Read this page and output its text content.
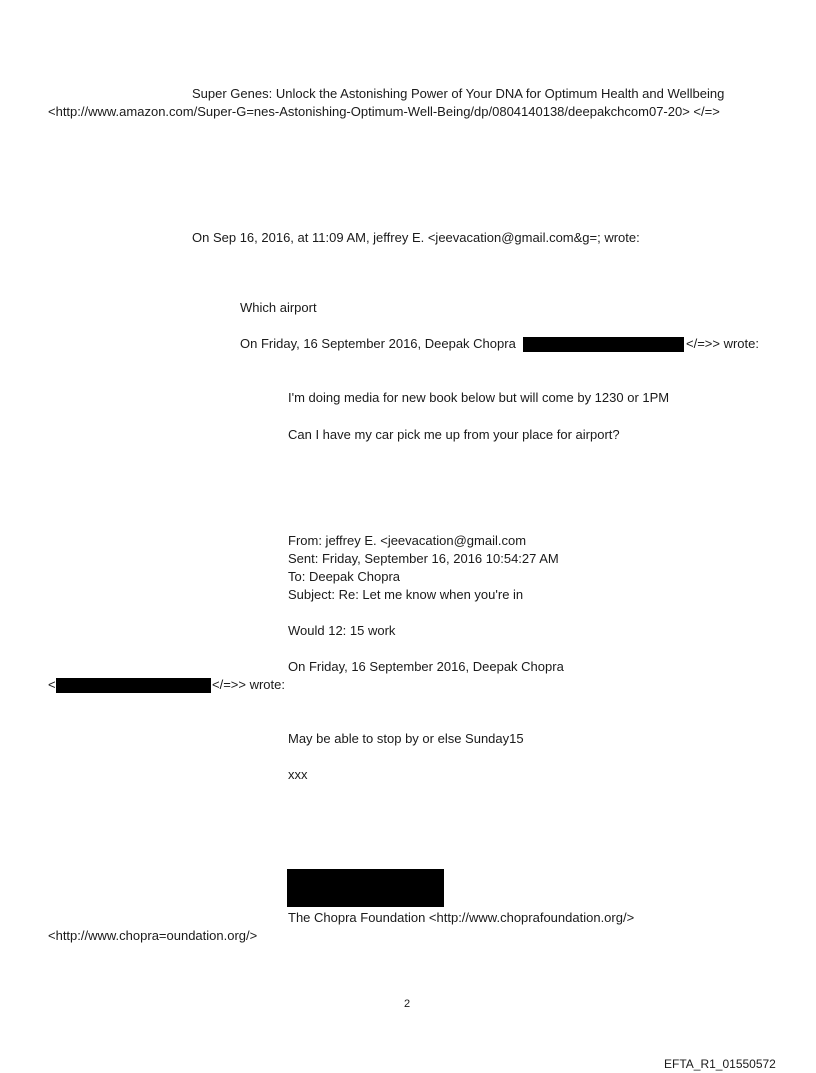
Super Genes: Unlock the Astonishing Power of Your DNA for Optimum Health and Wellbeing
<http://www.amazon.com/Super-G=nes-Astonishing-Optimum-Well-Being/dp/0804140138/deepakchcom07-20> </=>
On Sep 16, 2016, at 11:09 AM, jeffrey E. <jeevacation@gmail.com&g=; wrote:
Which airport
On Friday, 16 September 2016, Deepak Chopra	</=>> wrote:
I'm doing media for new book below but will come by 1230 or 1PM
Can I have my car pick me up from your place for airport?
From: jeffrey E. <jeevacation@gmail.com
Sent: Friday, September 16, 2016 10:54:27 AM
To: Deepak Chopra
Subject: Re: Let me know when you're in
Would 12: 15 work
On Friday, 16 September 2016, Deepak Chopra
<	</=>> wrote:
May be able to stop by or else Sunday15
xxx
The Chopra Foundation <http://www.choprafoundation.org/>
<http://www.chopra=oundation.org/>
2
EFTA_R1_01550572
